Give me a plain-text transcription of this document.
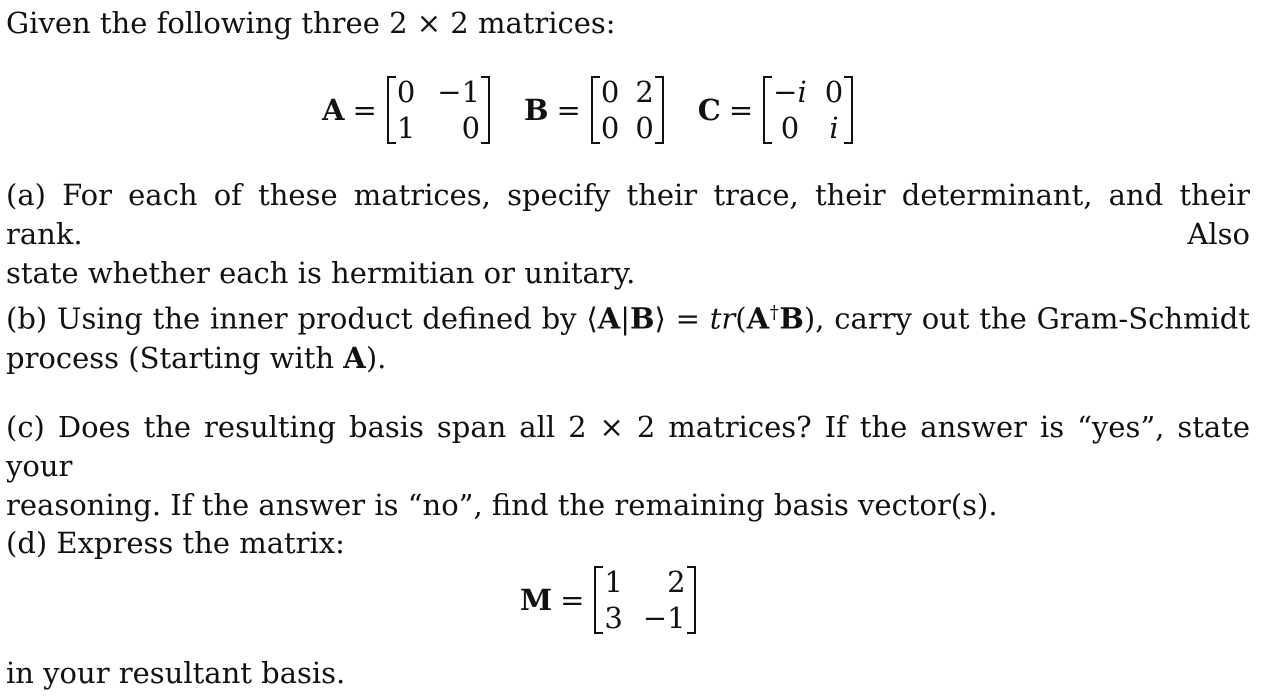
Given the following three 2 × 2 matrices:
A =
0 −1
1	0
B =
0 2
0 0
C =
−i 0
0 i
(a) For each of these matrices, specify their trace, their determinant, and their rank. Also
state whether each is hermitian or unitary.
(b) Using the inner product defined by ⟨A|B⟩ = tr(A†B), carry out the Gram-Schmidt
process (Starting with A).
(c) Does the resulting basis span all 2 × 2 matrices? If the answer is “yes”, state your
reasoning. If the answer is “no”, find the remaining basis vector(s).
(d) Express the matrix:
M =
1	2
3 −1
in your resultant basis.
